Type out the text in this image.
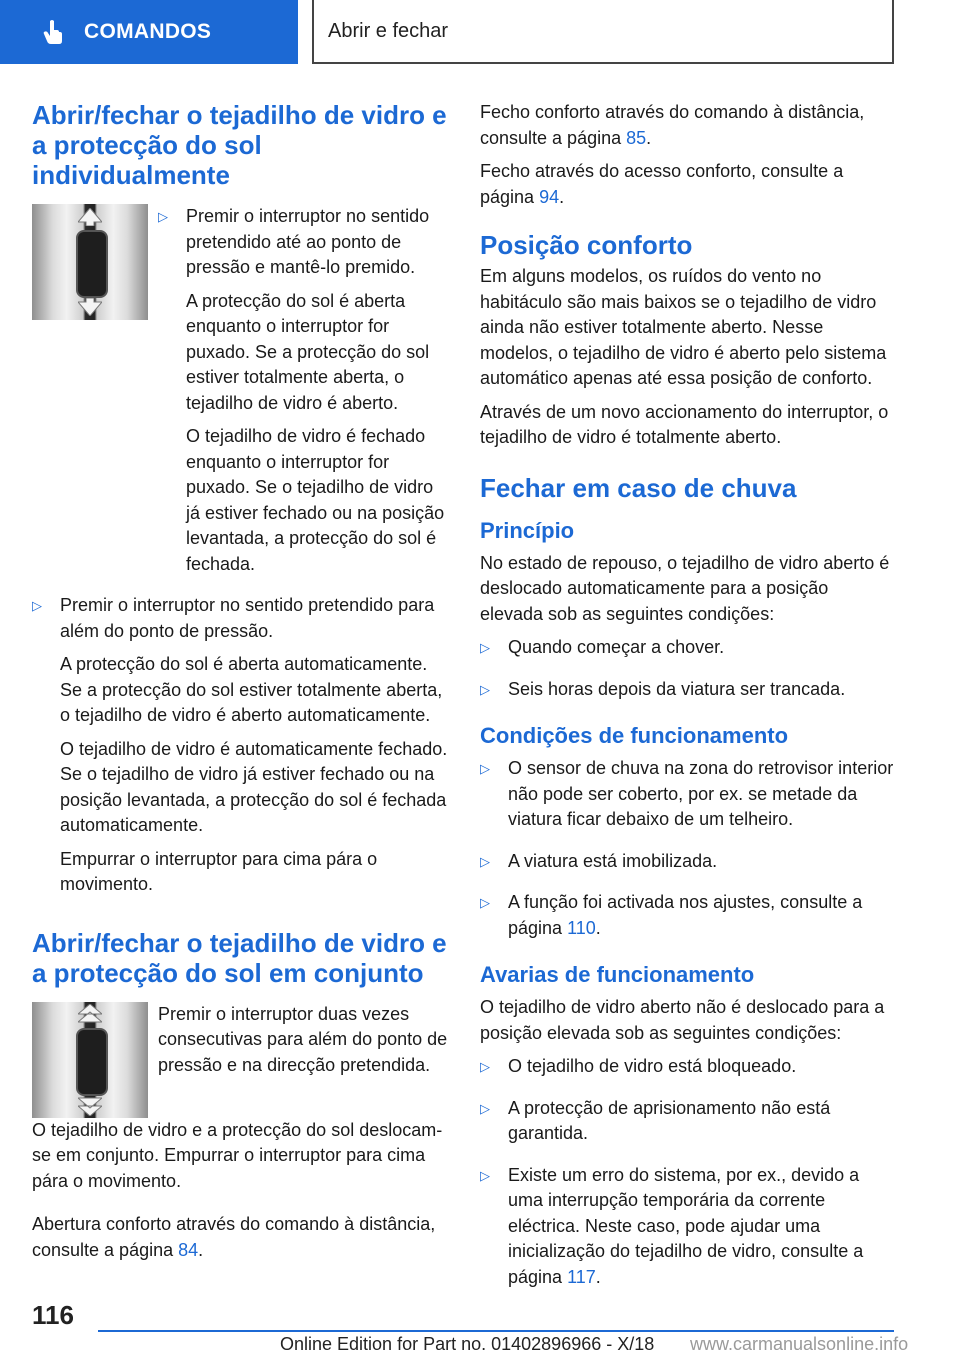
COMANDOS	Abrir e fechar
Abrir/fechar o tejadilho de vidro e a protecção do sol individualmente
▷	Premir o interruptor no sentido pretendido até ao ponto de pressão e mantê-lo premido.

A protecção do sol é aberta enquanto o interruptor for puxado. Se a protecção do sol estiver totalmente aberta, o tejadilho de vidro é aberto.

O tejadilho de vidro é fechado enquanto o interruptor for puxado. Se o tejadilho de vidro já estiver fechado ou na posição levantada, a protecção do sol é fechada.

▷	Premir o interruptor no sentido pretendido para além do ponto de pressão.

A protecção do sol é aberta automaticamente. Se a protecção do sol estiver totalmente aberta, o tejadilho de vidro é aberto automaticamente.

O tejadilho de vidro é automaticamente fechado. Se o tejadilho de vidro já estiver fechado ou na posição levantada, a protecção do sol é fechada automaticamente.

Empurrar o interruptor para cima pára o movimento.

Abrir/fechar o tejadilho de vidro e a protecção do sol em conjunto

Premir o interruptor duas vezes consecutivas para além do ponto de pressão e na direcção pretendida.

O tejadilho de vidro e a protecção do sol deslocam-se em conjunto. Empurrar o interruptor para cima pára o movimento.

Abertura conforto através do comando à distância, consulte a página 84.

Fecho conforto através do comando à distância, consulte a página 85.

Fecho através do acesso conforto, consulte a página 94.

Posição conforto

Em alguns modelos, os ruídos do vento no habitáculo são mais baixos se o tejadilho de vidro ainda não estiver totalmente aberto. Nesse modelos, o tejadilho de vidro é aberto pelo sistema automático apenas até essa posição de conforto.

Através de um novo accionamento do interruptor, o tejadilho de vidro é totalmente aberto.

Fechar em caso de chuva
Princípio

No estado de repouso, o tejadilho de vidro aberto é deslocado automaticamente para a posição elevada sob as seguintes condições:

▷	Quando começar a chover.

▷	Seis horas depois da viatura ser trancada.

Condições de funcionamento
▷	O sensor de chuva na zona do retrovisor interior não pode ser coberto, por ex. se metade da viatura ficar debaixo de um telheiro.

▷	A viatura está imobilizada.

▷	A função foi activada nos ajustes, consulte a página 110.

Avarias de funcionamento

O tejadilho de vidro aberto não é deslocado para a posição elevada sob as seguintes condições:

▷	O tejadilho de vidro está bloqueado.

▷	A protecção de aprisionamento não está garantida.

▷	Existe um erro do sistema, por ex., devido a uma interrupção temporária da corrente eléctrica. Neste caso, pode ajudar uma inicialização do tejadilho de vidro, consulte a página 117.

116
Online Edition for Part no. 01402896966 - X/18 www.carmanualsonline.info
